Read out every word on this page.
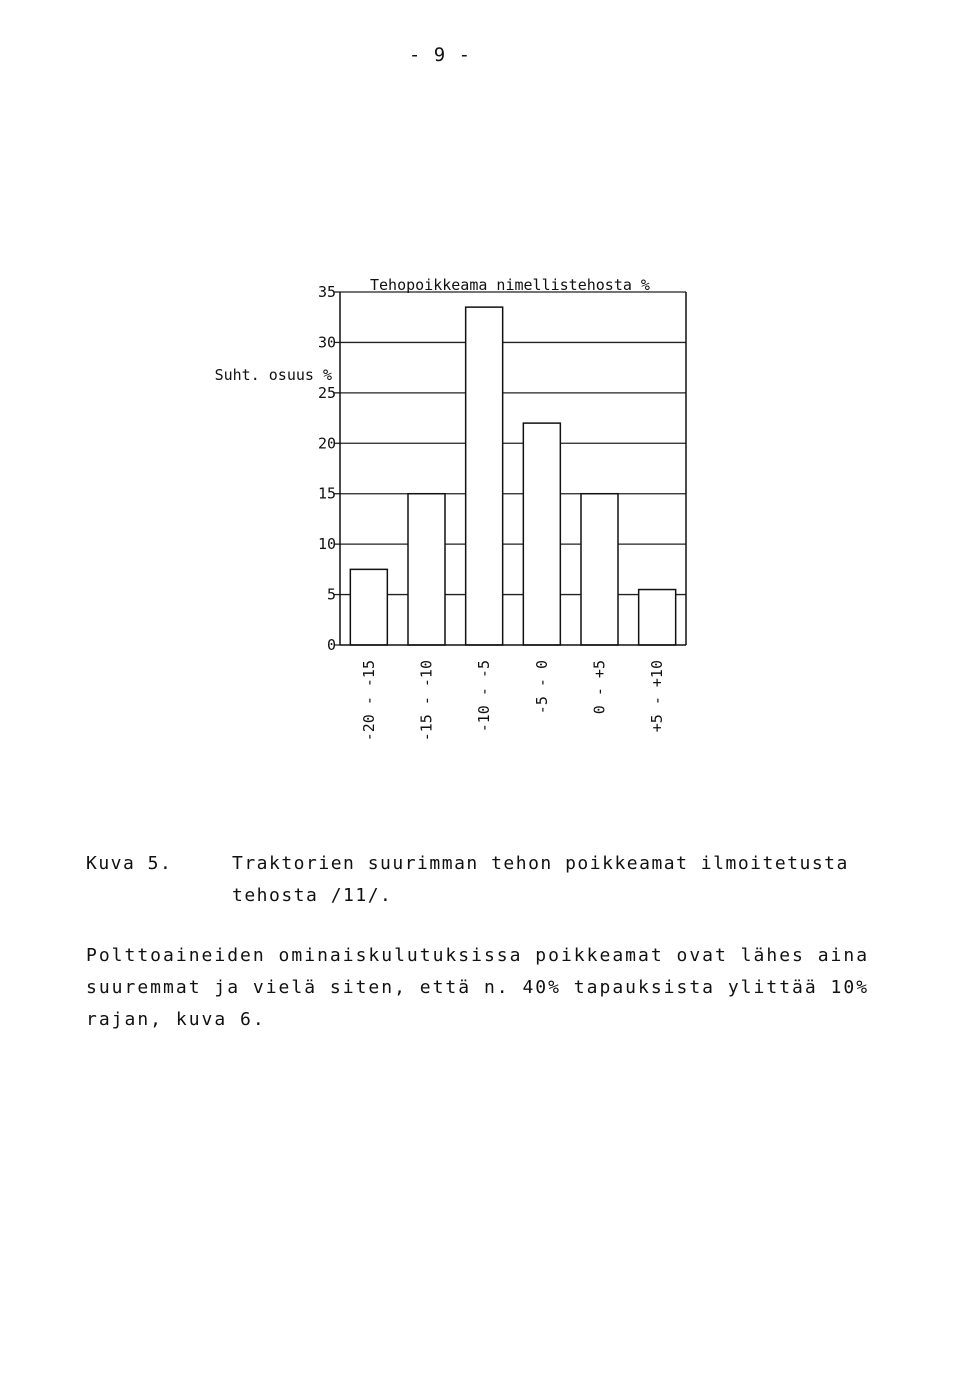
- 9 -
Tehopoikkeama nimellistehosta %
Suht. osuus %
0
5
10
15
20
25
30
35
-20 - -15	-15 - -10	-10 - -5	-5 - 0	0 - +5	+5 - +10
Kuva 5.	Traktorien suurimman tehon poikkeamat ilmoitetusta
tehosta /11/.
Polttoaineiden ominaiskulutuksissa poikkeamat ovat lähes aina
suuremmat ja vielä siten, että n. 40% tapauksista ylittää 10%
rajan, kuva 6.
